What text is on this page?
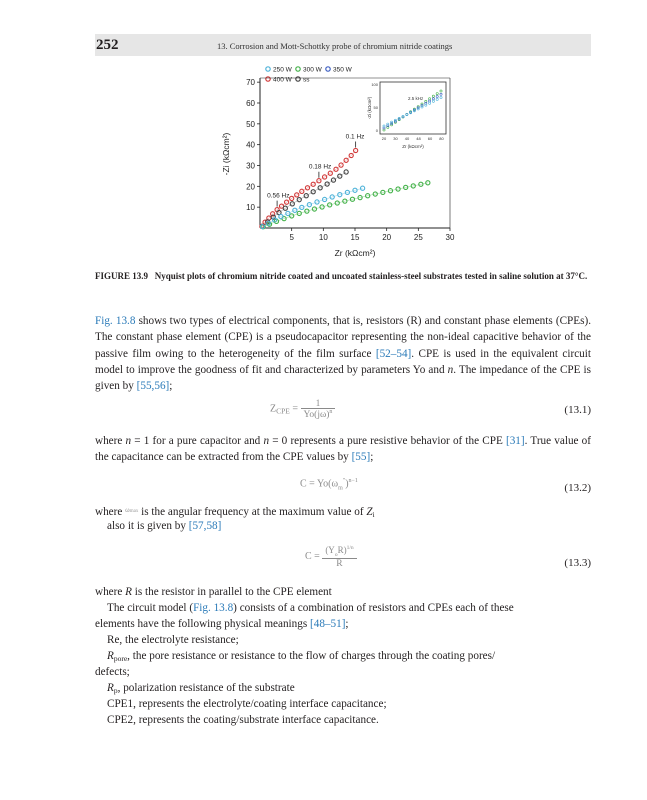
252	13. Corrosion and Mott-Schottky probe of chromium nitride coatings
250 W 300 W 350 W
400 W ss
10
20
30
40
50
60
70
5	10	15	20	25	30
0.1 Hz
0.18 Hz
0.56 Hz
2.5 kHz
100
50
0
20 30 40 48 60 80
Zr (kΩcm²)
-Zi (kΩcm²)
Zr (kΩcm²)
-Zi (kΩcm²)
FIGURE 13.9 Nyquist plots of chromium nitride coated and uncoated stainless-steel substrates tested in saline solution at 37°C.
Fig. 13.8 shows two types of electrical components, that is, resistors (R) and constant phase elements (CPEs). The constant phase element (CPE) is a pseudocapacitor representing the non-ideal capacitive behavior of the passive film owing to the heterogeneity of the film surface [52–54]. CPE is used in the equivalent circuit model to improve the goodness of fit and characterized by parameters Yo and n. The impedance of the CPE is given by [55,56];
$Z_{CPE} = \frac{1}{Yo(j\omega)^n}$	(13.1)
where n = 1 for a pure capacitor and n = 0 represents a pure resistive behavior of the CPE [31]. True value of the capacitance can be extracted from the CPE values by [55];
$C = Yo(\omega_m^")^{n-1}$
(13.2)
where $^{\omega max}$ is the angular frequency at the maximum value of $Z_i$
also it is given by [57,58]
$C = \frac{(Y_oR)^{1/n}}{R}$	(13.3)
where R is the resistor in parallel to the CPE element
The circuit model (Fig. 13.8) consists of a combination of resistors and CPEs each of these
elements have the following physical meanings [48–51];
Re, the electrolyte resistance;
$R_{pore}$, the pore resistance or resistance to the flow of charges through the coating pores/
defects;
$R_p$, polarization resistance of the substrate
CPE1, represents the electrolyte/coating interface capacitance;
CPE2, represents the coating/substrate interface capacitance.
